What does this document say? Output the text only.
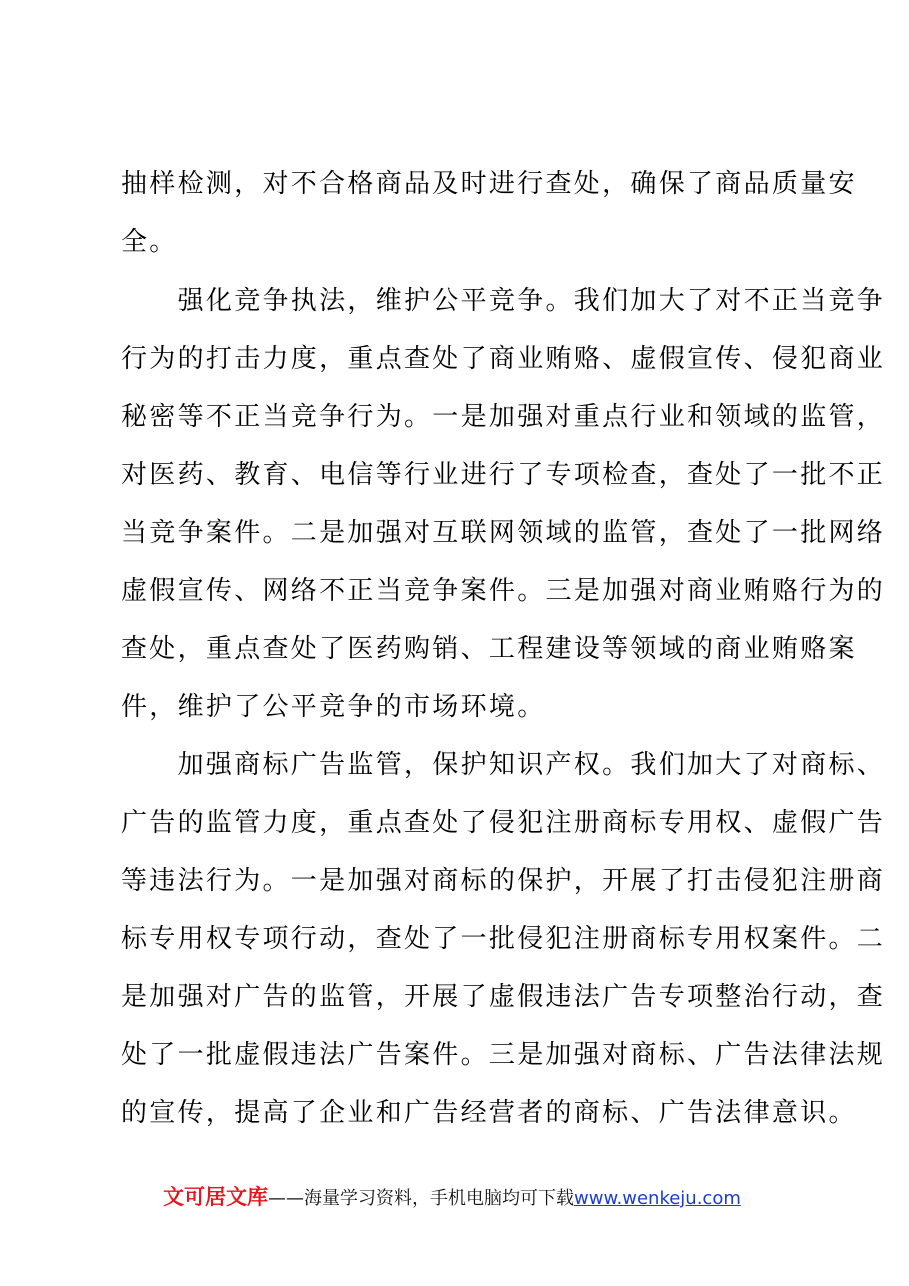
抽样检测，对不合格商品及时进行查处，确保了商品质量安
全。
　　强化竞争执法，维护公平竞争。我们加大了对不正当竞争
行为的打击力度，重点查处了商业贿赂、虚假宣传、侵犯商业
秘密等不正当竞争行为。一是加强对重点行业和领域的监管，
对医药、教育、电信等行业进行了专项检查，查处了一批不正
当竞争案件。二是加强对互联网领域的监管，查处了一批网络
虚假宣传、网络不正当竞争案件。三是加强对商业贿赂行为的
查处，重点查处了医药购销、工程建设等领域的商业贿赂案
件，维护了公平竞争的市场环境。
　　加强商标广告监管，保护知识产权。我们加大了对商标、
广告的监管力度，重点查处了侵犯注册商标专用权、虚假广告
等违法行为。一是加强对商标的保护，开展了打击侵犯注册商
标专用权专项行动，查处了一批侵犯注册商标专用权案件。二
是加强对广告的监管，开展了虚假违法广告专项整治行动，查
处了一批虚假违法广告案件。三是加强对商标、广告法律法规
的宣传，提高了企业和广告经营者的商标、广告法律意识。
文可居文库——海量学习资料，手机电脑均可下载www.wenkeju.com
